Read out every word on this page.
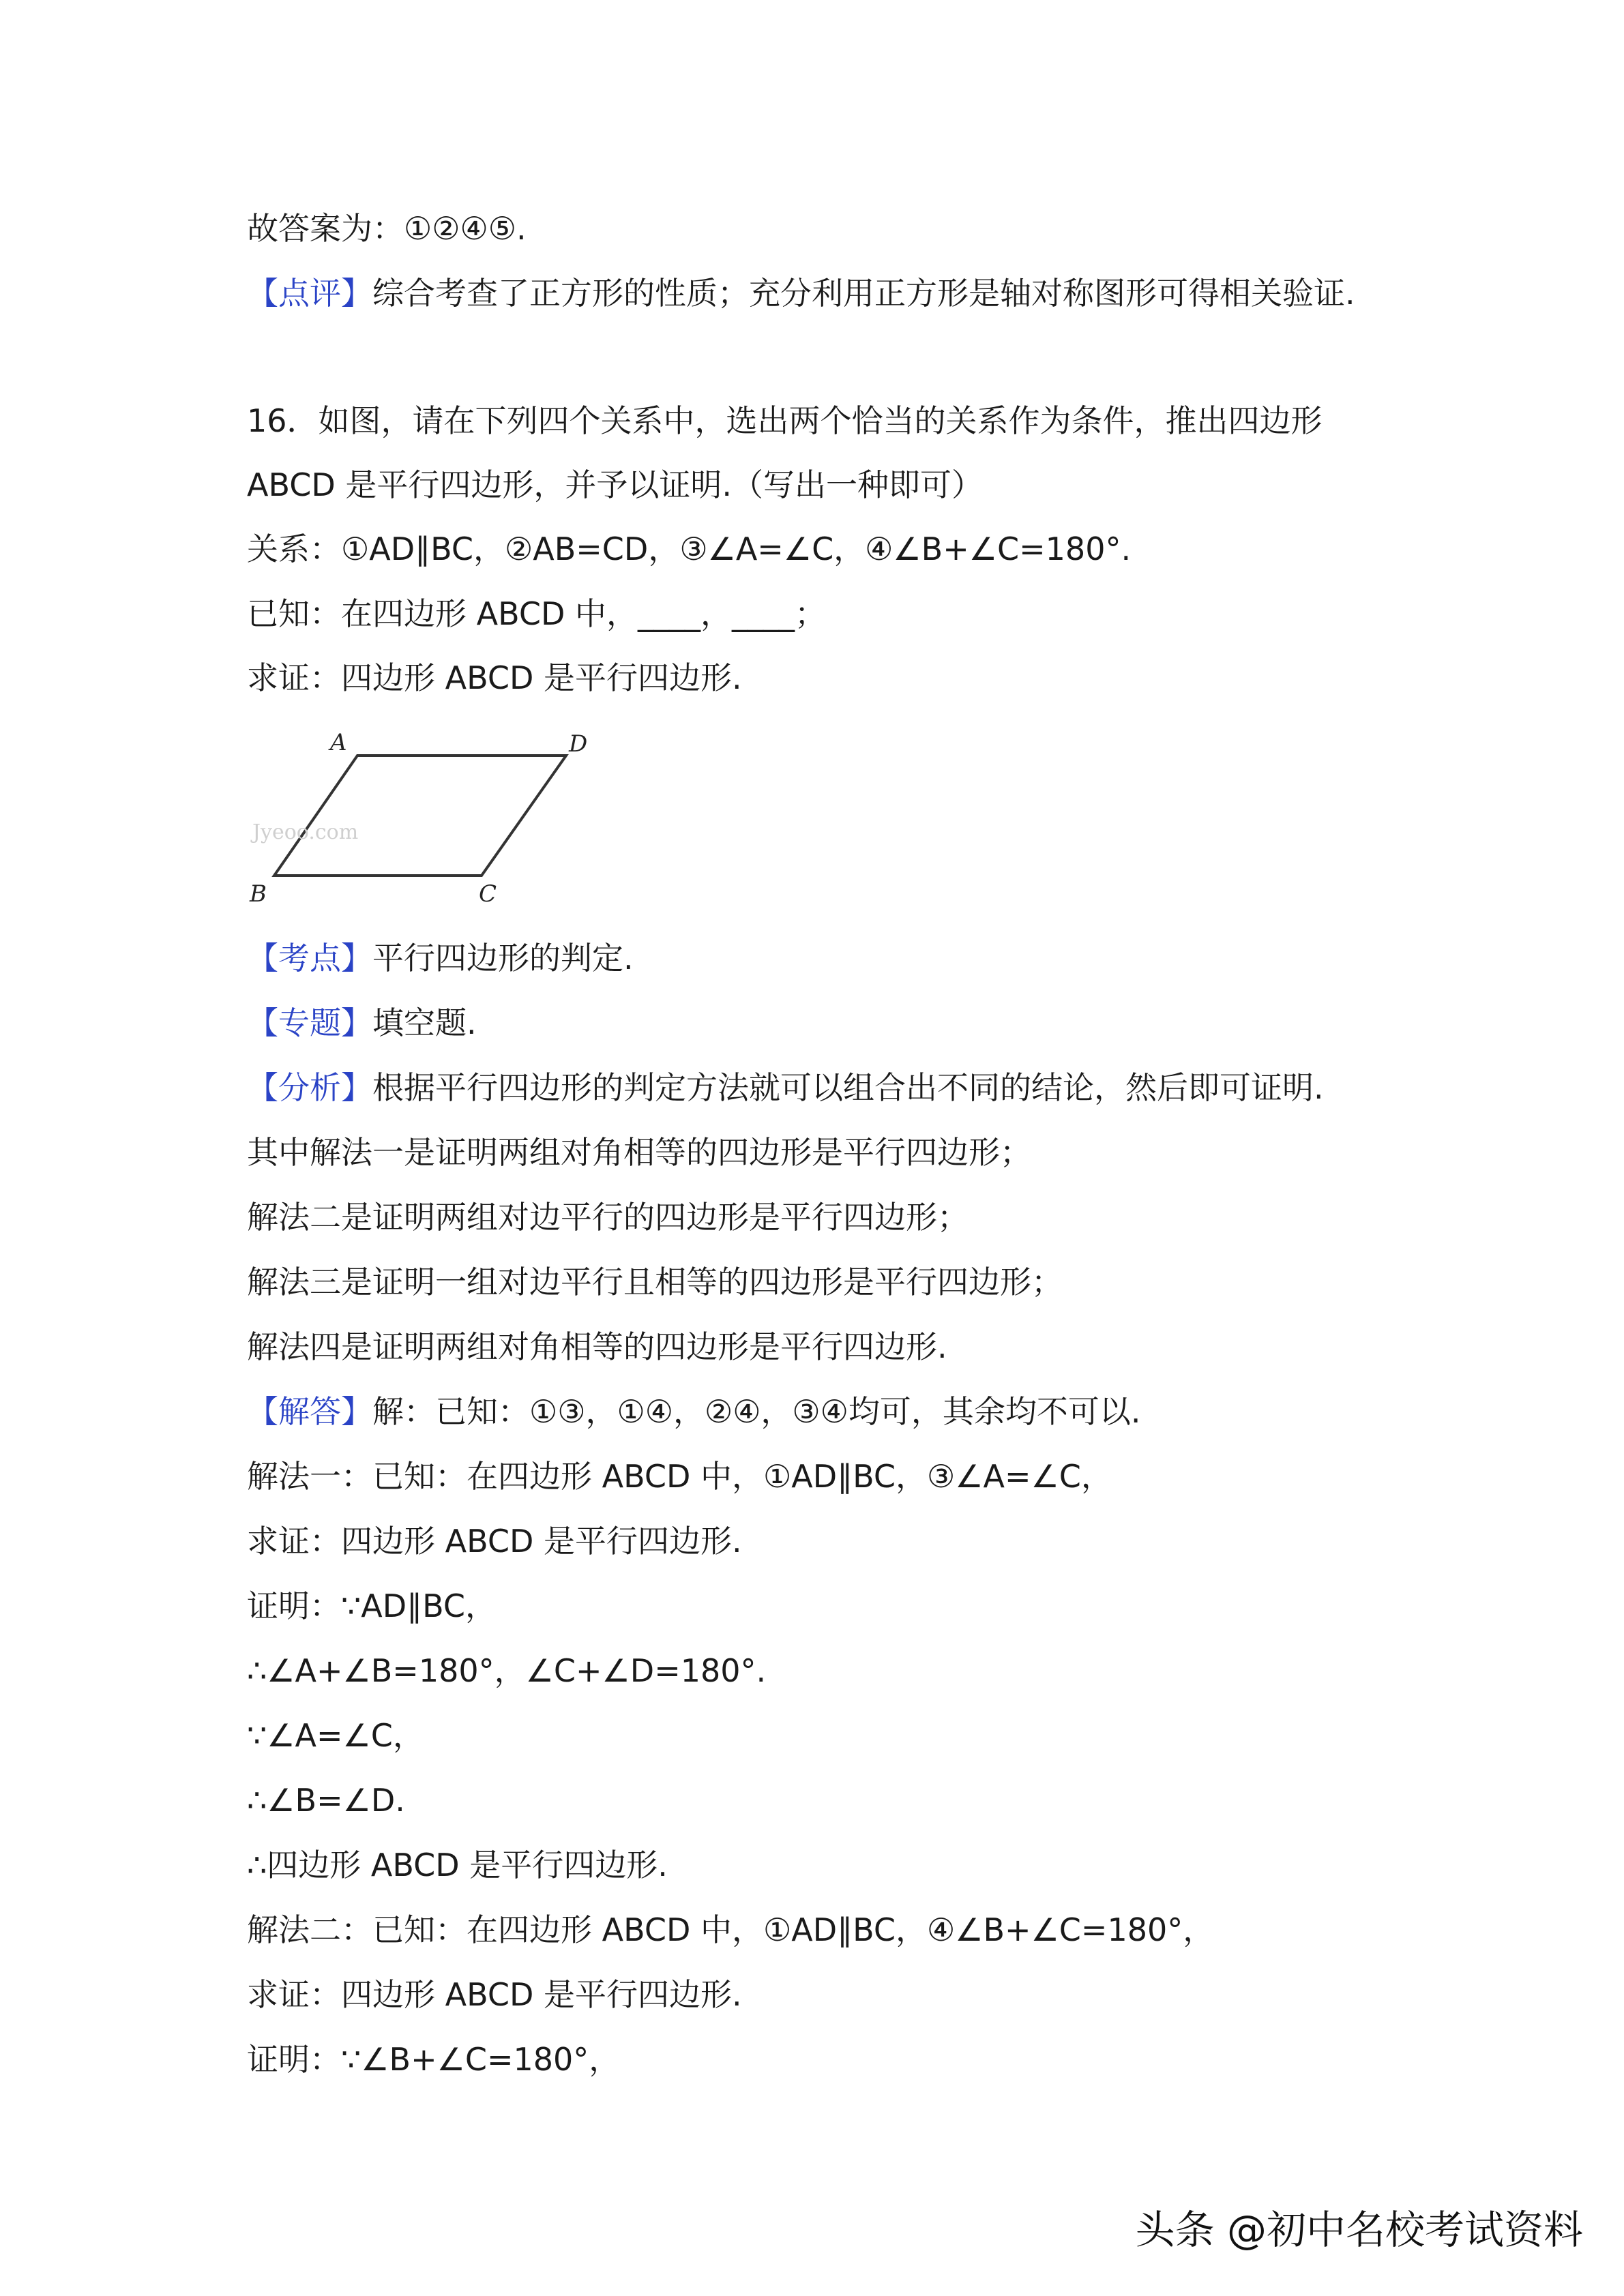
故答案为：①②④⑤.
【点评】综合考查了正方形的性质；充分利用正方形是轴对称图形可得相关验证.
16．如图，请在下列四个关系中，选出两个恰当的关系作为条件，推出四边形
ABCD 是平行四边形，并予以证明.（写出一种即可）
关系：①AD∥BC，②AB=CD，③∠A=∠C，④∠B+∠C=180°.
已知：在四边形 ABCD 中，____，____；
求证：四边形 ABCD 是平行四边形.
Jyeoo.com
A	D
B	C
【考点】平行四边形的判定.
【专题】填空题.
【分析】根据平行四边形的判定方法就可以组合出不同的结论，然后即可证明.
其中解法一是证明两组对角相等的四边形是平行四边形；
解法二是证明两组对边平行的四边形是平行四边形；
解法三是证明一组对边平行且相等的四边形是平行四边形；
解法四是证明两组对角相等的四边形是平行四边形.
【解答】解：已知：①③，①④，②④，③④均可，其余均不可以.
解法一：已知：在四边形 ABCD 中，①AD∥BC，③∠A=∠C，
求证：四边形 ABCD 是平行四边形.
证明：∵AD∥BC，
∴∠A+∠B=180°，∠C+∠D=180°.
∵∠A=∠C，
∴∠B=∠D.
∴四边形 ABCD 是平行四边形.
解法二：已知：在四边形 ABCD 中，①AD∥BC，④∠B+∠C=180°，
求证：四边形 ABCD 是平行四边形.
证明：∵∠B+∠C=180°，
头条 @初中名校考试资料
